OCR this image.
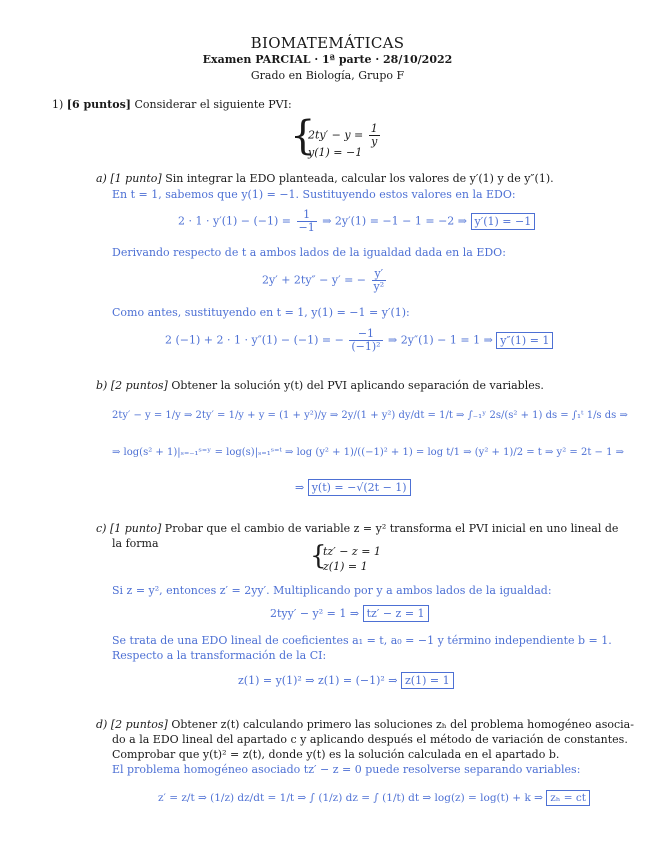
BIOMATEMÁTICAS
Examen PARCIAL · 1ª parte · 28/10/2022
Grado en Biología, Grupo F
1) [6 puntos] Considerar el siguiente PVI:
{
$2ty' - y = \frac{1}{y}$
y(1) = −1
a) [1 punto] Sin integrar la EDO planteada, calcular los valores de y′(1) y de y″(1).
En t = 1, sabemos que y(1) = −1. Sustituyendo estos valores en la EDO:
$2 \cdot 1 \cdot y'(1) - (-1) = \frac{1}{-1}$ ⇒ 2y′(1) = −1 − 1 = −2 ⇒ y′(1) = −1
Derivando respecto de t a ambos lados de la igualdad dada en la EDO:
2y′ + 2ty″ − y′ = − $\frac{y'}{\text{y²}}$
Como antes, sustituyendo en t = 1, y(1) = −1 = y′(1):
2 (−1) + 2 · 1 · y″(1) − (−1) = − $\frac{-1}{\text{(−1)²}}$ ⇒ 2y″(1) − 1 = 1 ⇒ y″(1) = 1
b) [2 puntos] Obtener la solución y(t) del PVI aplicando separación de variables.
2ty′ − y = 1/y ⇒ 2ty′ = 1/y + y = (1 + y²)/y ⇒ 2y/(1 + y²) dy/dt = 1/t ⇒ ∫₋₁ʸ 2s/(s² + 1) ds = ∫₁ᵗ 1/s ds ⇒
⇒ log(s² + 1)|ₛ₌₋₁ˢ⁼ʸ = log(s)|ₛ₌₁ˢ⁼ᵗ ⇒ log (y² + 1)/((−1)² + 1) = log t/1 ⇒ (y² + 1)/2 = t ⇒ y² = 2t − 1 ⇒
⇒ y(t) = −√(2t − 1)
c) [1 punto] Probar que el cambio de variable z = y² transforma el PVI inicial en uno lineal de
la forma	{
tz′ − z = 1
z(1) = 1
Si z = y², entonces z′ = 2yy′. Multiplicando por y a ambos lados de la igualdad:
2tyy′ − y² = 1 ⇒ tz′ − z = 1
Se trata de una EDO lineal de coeficientes a₁ = t, a₀ = −1 y término independiente b = 1.
Respecto a la transformación de la CI:
z(1) = y(1)² ⇒ z(1) = (−1)² ⇒ z(1) = 1
d) [2 puntos] Obtener z(t) calculando primero las soluciones zₕ del problema homogéneo asocia-
do a la EDO lineal del apartado c y aplicando después el método de variación de constantes.
Comprobar que y(t)² = z(t), donde y(t) es la solución calculada en el apartado b.
El problema homogéneo asociado tz′ − z = 0 puede resolverse separando variables:
z′ = z/t ⇒ (1/z) dz/dt = 1/t ⇒ ∫ (1/z) dz = ∫ (1/t) dt ⇒ log(z) = log(t) + k ⇒ zₕ = ct
